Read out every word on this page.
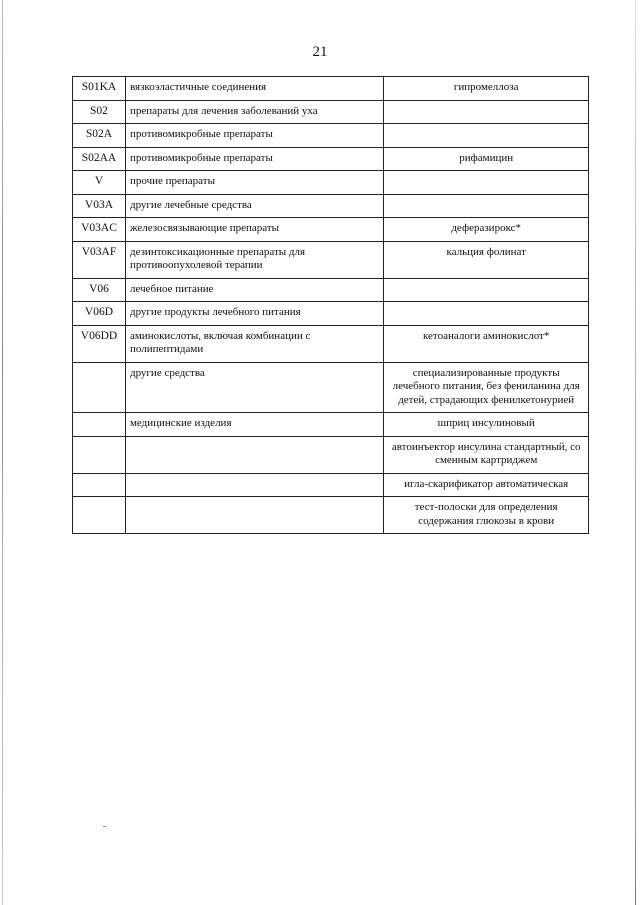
21
S01KA	вязкоэластичные соединения	гипромеллоза
S02	препараты для лечения заболеваний уха	
S02A	противомикробные препараты	
S02AA	противомикробные препараты	рифамицин
V	прочие препараты	
V03A	другие лечебные средства	
V03AC	железосвязывающие препараты	деферазирокс*
V03AF	дезинтоксикационные препараты для противоопухолевой терапии	кальция фолинат
V06	лечебное питание	
V06D	другие продукты лечебного питания	
V06DD	аминокислоты, включая комбинации с полипептидами	кетоаналоги аминокислот*
	другие средства	специализированные продукты лечебного питания, без фениланина для детей, страдающих фенилкетонурией
	медицинские изделия	шприц инсулиновый
		автоинъектор инсулина стандартный, со сменным картриджем
		игла-скарификатор автоматическая
		тест-полоски для определения содержания глюкозы в крови
